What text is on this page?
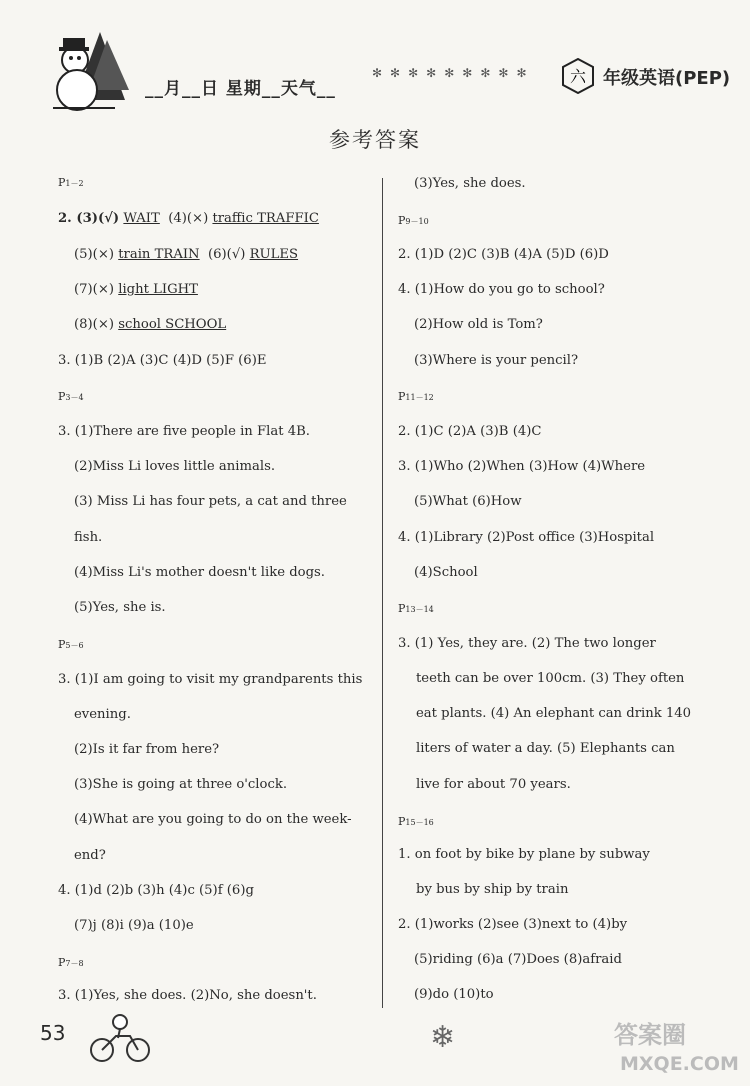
__月__日 星期__天气__
✻✻✻✻✻✻✻✻✻ 六 年级英语(PEP)
参考答案
P1－2
2. (3)(√) WAIT (4)(×) traffic TRAFFIC
(5)(×) train TRAIN (6)(√) RULES
(7)(×) light LIGHT
(8)(×) school SCHOOL
3. (1)B (2)A (3)C (4)D (5)F (6)E
P3－4
3. (1)There are five people in Flat 4B.
(2)Miss Li loves little animals.
(3) Miss Li has four pets, a cat and three
fish.
(4)Miss Li's mother doesn't like dogs.
(5)Yes, she is.
P5－6
3. (1)I am going to visit my grandparents this
evening.
(2)Is it far from here?
(3)She is going at three o'clock.
(4)What are you going to do on the week-
end?
4. (1)d (2)b (3)h (4)c (5)f (6)g
(7)j (8)i (9)a (10)e
P7－8
3. (1)Yes, she does. (2)No, she doesn't.
(3)Yes, she does.
P9－10
2. (1)D (2)C (3)B (4)A (5)D (6)D
4. (1)How do you go to school?
(2)How old is Tom?
(3)Where is your pencil?
P11－12
2. (1)C (2)A (3)B (4)C
3. (1)Who (2)When (3)How (4)Where
(5)What (6)How
4. (1)Library (2)Post office (3)Hospital
(4)School
P13－14
3. (1) Yes, they are. (2) The two longer
teeth can be over 100cm. (3) They often
eat plants. (4) An elephant can drink 140
liters of water a day. (5) Elephants can
live for about 70 years.
P15－16
1. on foot by bike by plane by subway
by bus by ship by train
2. (1)works (2)see (3)next to (4)by
(5)riding (6)a (7)Does (8)afraid
(9)do (10)to
53	❄	答案圈
MXQE.COM
